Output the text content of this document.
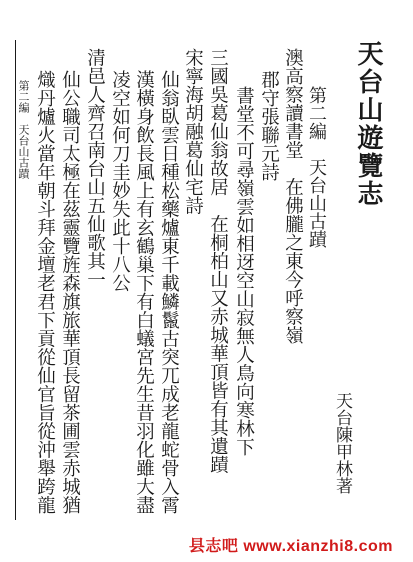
天台山遊覽志
天台陳甲林著
第二編　天台山古蹟
澳高察讀書堂　在佛朧之東今呼察嶺
郡守張聯元詩
書堂不可尋嶺雲如相迓空山寂無人鳥向寒林下
三國吳葛仙翁故居　在桐柏山又赤城華頂皆有其遺蹟
宋寧海胡融葛仙宅詩
仙翁臥雲日種松藥爐東千載鱗鬣古突兀成老龍蛇骨入霄
漢橫身飲長風上有玄鶴巢下有白蟻宮先生昔羽化雖大盡
凌空如何刀圭妙失此十八公
清邑人齊召南台山五仙歌其一
仙公職司太極在茲靈覽旌森旗旅華頂長留茶圃雲赤城猶
熾丹爐火當年朝斗拜金壇老君下貢從仙官旨從沖舉跨龍
第二編　天台山古蹟
县志吧 www.xianzhi8.com
